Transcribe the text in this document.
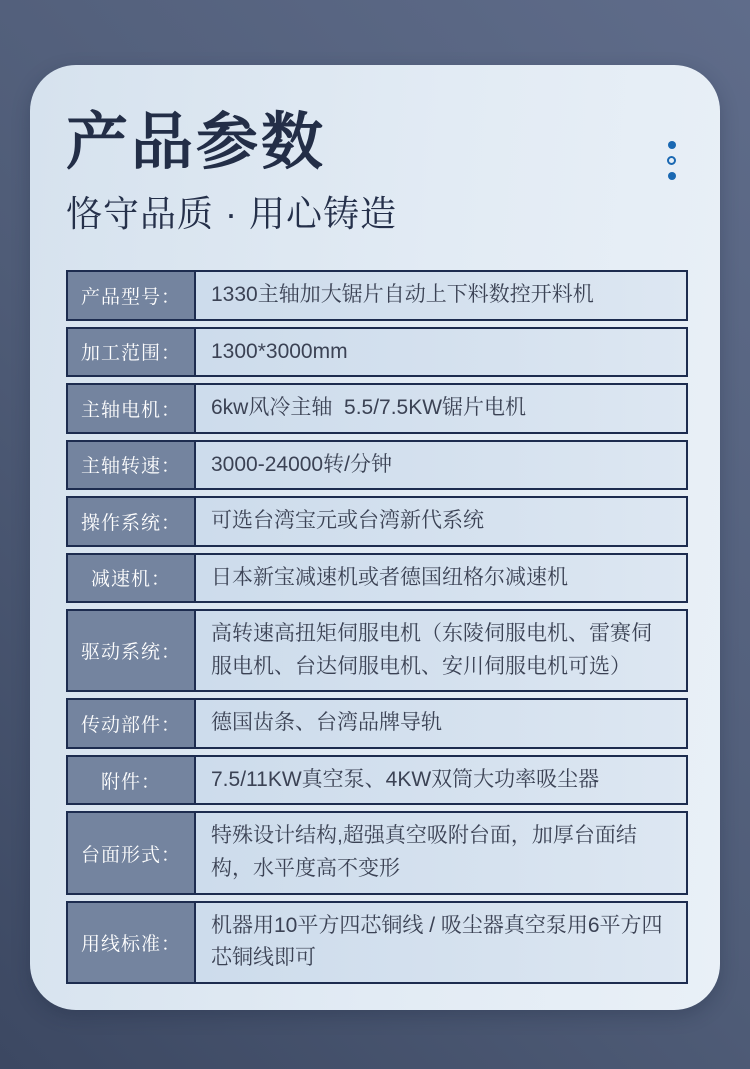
产品参数
恪守品质 · 用心铸造
产品型号：	1330主轴加大锯片自动上下料数控开料机
加工范围：	1300*3000mm
主轴电机：	6kw风冷主轴  5.5/7.5KW锯片电机
主轴转速：	3000-24000转/分钟
操作系统：	可选台湾宝元或台湾新代系统
减速机：	日本新宝减速机或者德国纽格尔减速机
驱动系统：
高转速高扭矩伺服电机（东陵伺服电机、雷赛伺服电机、台达伺服电机、安川伺服电机可选）
传动部件：	德国齿条、台湾品牌导轨
附件：	7.5/11KW真空泵、4KW双筒大功率吸尘器
台面形式：
特殊设计结构,超强真空吸附台面，加厚台面结构，水平度高不变形
用线标准：
机器用10平方四芯铜线 / 吸尘器真空泵用6平方四芯铜线即可
